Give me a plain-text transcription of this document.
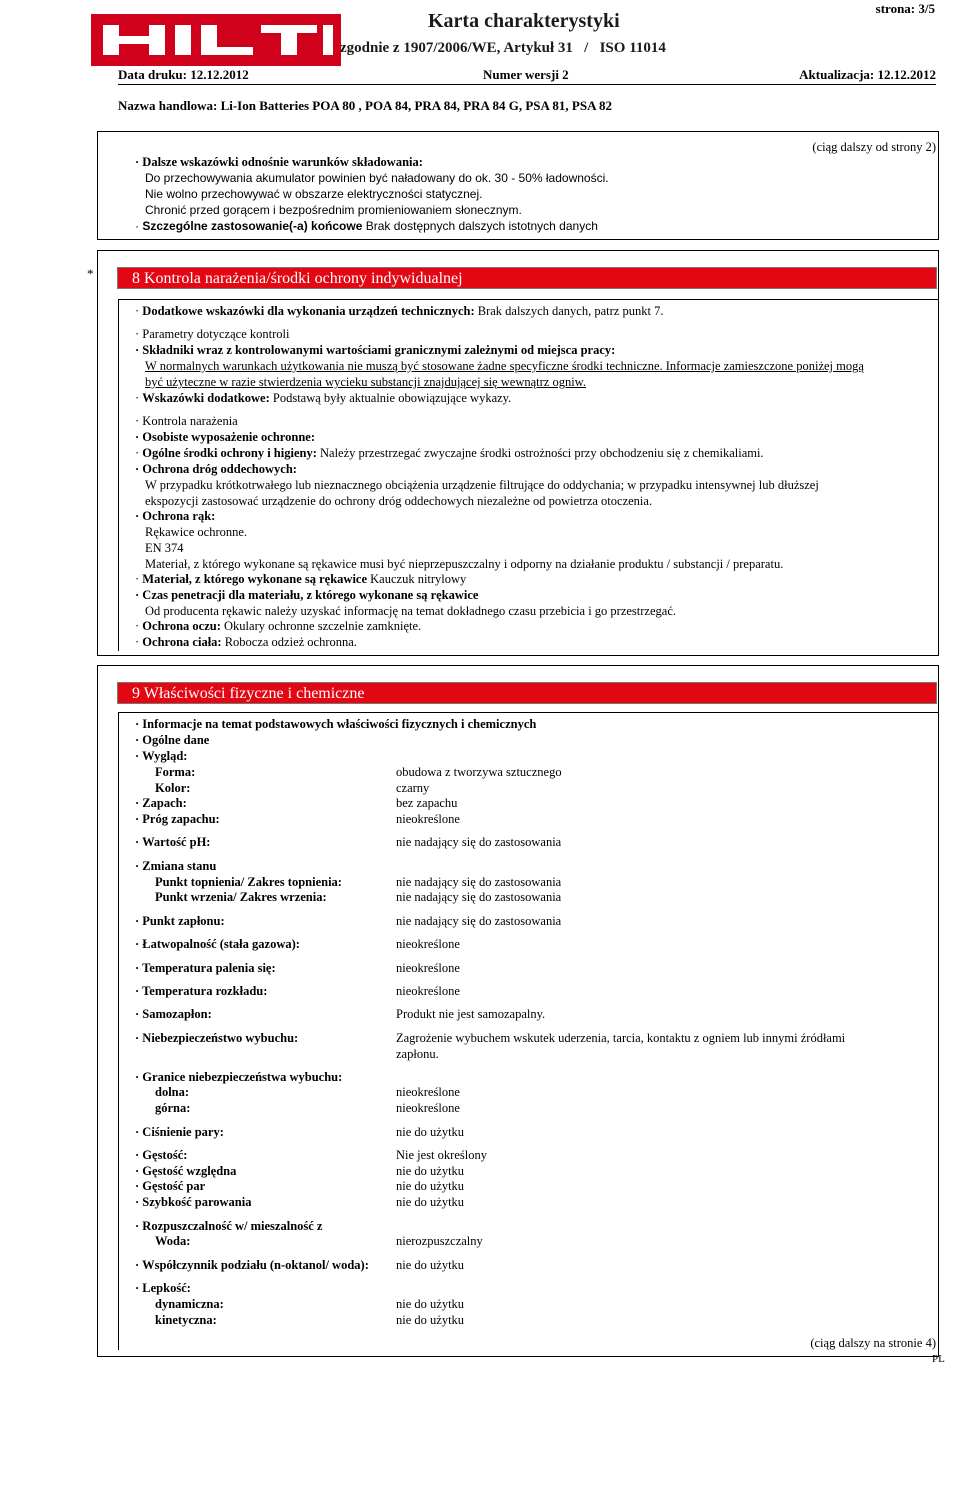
Karta charakterystyki
zgodnie z 1907/2006/WE, Artykuł 31   /   ISO 11014
strona: 3/5
Data druku: 12.12.2012	Numer wersji 2	Aktualizacja: 12.12.2012
Nazwa handlowa: Li-Ion Batteries POA 80 , POA 84, PRA 84, PRA 84 G, PSA 81, PSA 82
(ciąg dalszy od strony 2)
· Dalsze wskazówki odnośnie warunków składowania:
Do przechowywania akumulator powinien być naładowany do ok. 30 - 50% ładowności.
Nie wolno przechowywać w obszarze elektryczności statycznej.
Chronić przed gorącem i bezpośrednim promieniowaniem słonecznym.
· Szczególne zastosowanie(-a) końcowe Brak dostępnych dalszych istotnych danych
*	8 Kontrola narażenia/środki ochrony indywidualnej
· Dodatkowe wskazówki dla wykonania urządzeń technicznych: Brak dalszych danych, patrz punkt 7.
· Parametry dotyczące kontroli
· Składniki wraz z kontrolowanymi wartościami granicznymi zależnymi od miejsca pracy:
W normalnych warunkach użytkowania nie muszą być stosowane żadne specyficzne środki techniczne. Informacje zamieszczone poniżej mogą
być użyteczne w razie stwierdzenia wycieku substancji znajdującej się wewnątrz ogniw.
· Wskazówki dodatkowe: Podstawą były aktualnie obowiązujące wykazy.
· Kontrola narażenia
· Osobiste wyposażenie ochronne:
· Ogólne środki ochrony i higieny: Należy przestrzegać zwyczajne środki ostrożności przy obchodzeniu się z chemikaliami.
· Ochrona dróg oddechowych:
W przypadku krótkotrwałego lub nieznacznego obciążenia urządzenie filtrujące do oddychania; w przypadku intensywnej lub dłuższej
ekspozycji zastosować urządzenie do ochrony dróg oddechowych niezależne od powietrza otoczenia.
· Ochrona rąk:
Rękawice ochronne.
EN 374
Materiał, z którego wykonane są rękawice musi być nieprzepuszczalny i odporny na działanie produktu / substancji / preparatu.
· Materiał, z którego wykonane są rękawice Kauczuk nitrylowy
· Czas penetracji dla materiału, z którego wykonane są rękawice
Od producenta rękawic należy uzyskać informację na temat dokładnego czasu przebicia i go przestrzegać.
· Ochrona oczu: Okulary ochronne szczelnie zamknięte.
· Ochrona ciała: Robocza odzież ochronna.
9 Właściwości fizyczne i chemiczne
· Informacje na temat podstawowych właściwości fizycznych i chemicznych
· Ogólne dane
· Wygląd:
Forma:	obudowa z tworzywa sztucznego
Kolor:	czarny
· Zapach:	bez zapachu
· Próg zapachu:	nieokreślone
· Wartość pH:	nie nadający się do zastosowania
· Zmiana stanu
Punkt topnienia/ Zakres topnienia:	nie nadający się do zastosowania
Punkt wrzenia/ Zakres wrzenia:	nie nadający się do zastosowania
· Punkt zapłonu:	nie nadający się do zastosowania
· Łatwopalność (stała gazowa):	nieokreślone
· Temperatura palenia się:	nieokreślone
· Temperatura rozkładu:	nieokreślone
· Samozapłon:	Produkt nie jest samozapalny.
· Niebezpieczeństwo wybuchu:	Zagrożenie wybuchem wskutek uderzenia, tarcia, kontaktu z ogniem lub innymi źródłami
zapłonu.
· Granice niebezpieczeństwa wybuchu:
dolna:	nieokreślone
górna:	nieokreślone
· Ciśnienie pary:	nie do użytku
· Gęstość:	Nie jest określony
· Gęstość względna	nie do użytku
· Gęstość par	nie do użytku
· Szybkość parowania	nie do użytku
· Rozpuszczalność w/ mieszalność z
Woda:	nierozpuszczalny
· Współczynnik podziału (n-oktanol/ woda): nie do użytku
· Lepkość:
dynamiczna:	nie do użytku
kinetyczna:	nie do użytku
(ciąg dalszy na stronie 4)
PL
